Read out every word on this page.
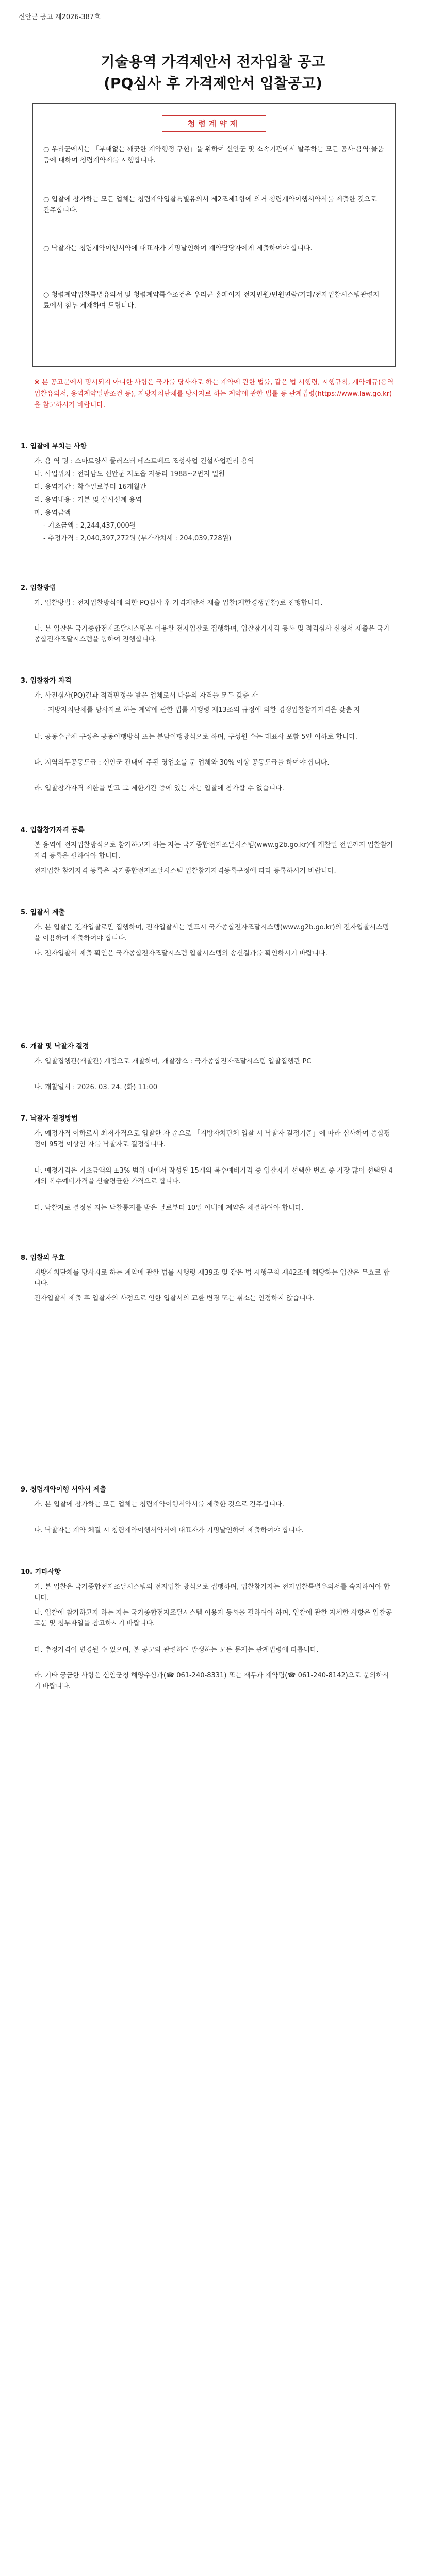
신안군 공고 제2026-387호
기술용역 가격제안서 전자입찰 공고
(PQ심사 후 가격제안서 입찰공고)
청렴계약제
○ 우리군에서는 「부패없는 깨끗한 계약행정 구현」을 위하여 신안군 및 소속기관에서 발주하는 모든 공사·용역·물품 등에 대하여 청렴계약제를 시행합니다.
○ 입찰에 참가하는 모든 업체는 청렴계약입찰특별유의서 제2조제1항에 의거 청렴계약이행서약서를 제출한 것으로 간주합니다.
○ 낙찰자는 청렴계약이행서약에 대표자가 기명날인하여 계약담당자에게 제출하여야 합니다.
○ 청렴계약입찰특별유의서 및 청렴계약특수조건은 우리군 홈페이지 전자민원/민원편람/기타/전자입찰시스템관련자료에서 첨부 게재하여 드립니다.
※ 본 공고문에서 명시되지 아니한 사항은 국가를 당사자로 하는 계약에 관한 법률, 같은 법 시행령, 시행규칙, 계약예규(용역입찰유의서, 용역계약일반조건 등), 지방자치단체를 당사자로 하는 계약에 관한 법률 등 관계법령(https://www.law.go.kr)을 참고하시기 바랍니다.
1. 입찰에 부치는 사항
가. 용 역 명 : 스마트양식 클러스터 테스트베드 조성사업 건설사업관리 용역
나. 사업위치 : 전라남도 신안군 지도읍 자동리 1988~2번지 일원
다. 용역기간 : 착수일로부터 16개월간
라. 용역내용 : 기본 및 실시설계 용역
마. 용역금액
- 기초금액 : 2,244,437,000원
- 추정가격 : 2,040,397,272원 (부가가치세 : 204,039,728원)
2. 입찰방법
가. 입찰방법 : 전자입찰방식에 의한 PQ심사 후 가격제안서 제출 입찰(제한경쟁입찰)로 진행합니다.
나. 본 입찰은 국가종합전자조달시스템을 이용한 전자입찰로 집행하며, 입찰참가자격 등록 및 적격심사 신청서 제출은 국가종합전자조달시스템을 통하여 진행합니다.
3. 입찰참가 자격
가. 사전심사(PQ)결과 적격판정을 받은 업체로서 다음의 자격을 모두 갖춘 자
- 지방자치단체를 당사자로 하는 계약에 관한 법률 시행령 제13조의 규정에 의한 경쟁입찰참가자격을 갖춘 자
나. 공동수급체 구성은 공동이행방식 또는 분담이행방식으로 하며, 구성원 수는 대표사 포함 5인 이하로 합니다.
다. 지역의무공동도급 : 신안군 관내에 주된 영업소를 둔 업체와 30% 이상 공동도급을 하여야 합니다.
라. 입찰참가자격 제한을 받고 그 제한기간 중에 있는 자는 입찰에 참가할 수 없습니다.
4. 입찰참가자격 등록
본 용역에 전자입찰방식으로 참가하고자 하는 자는 국가종합전자조달시스템(www.g2b.go.kr)에 개찰일 전일까지 입찰참가자격 등록을 필하여야 합니다.
전자입찰 참가자격 등록은 국가종합전자조달시스템 입찰참가자격등록규정에 따라 등록하시기 바랍니다.
5. 입찰서 제출
가. 본 입찰은 전자입찰로만 집행하며, 전자입찰서는 반드시 국가종합전자조달시스템(www.g2b.go.kr)의 전자입찰시스템을 이용하여 제출하여야 합니다.
나. 전자입찰서 제출 확인은 국가종합전자조달시스템 입찰시스템의 송신결과를 확인하시기 바랍니다.
6. 개찰 및 낙찰자 결정
가. 입찰집행관(개찰관) 계정으로 개찰하며, 개찰장소 : 국가종합전자조달시스템 입찰집행관 PC
나. 개찰일시 : 2026. 03. 24. (화) 11:00
7. 낙찰자 결정방법
가. 예정가격 이하로서 최저가격으로 입찰한 자 순으로 「지방자치단체 입찰 시 낙찰자 결정기준」에 따라 심사하여 종합평점이 95점 이상인 자를 낙찰자로 결정합니다.
나. 예정가격은 기초금액의 ±3% 범위 내에서 작성된 15개의 복수예비가격 중 입찰자가 선택한 번호 중 가장 많이 선택된 4개의 복수예비가격을 산술평균한 가격으로 합니다.
다. 낙찰자로 결정된 자는 낙찰통지를 받은 날로부터 10일 이내에 계약을 체결하여야 합니다.
8. 입찰의 무효
지방자치단체를 당사자로 하는 계약에 관한 법률 시행령 제39조 및 같은 법 시행규칙 제42조에 해당하는 입찰은 무효로 합니다.
전자입찰서 제출 후 입찰자의 사정으로 인한 입찰서의 교환 변경 또는 취소는 인정하지 않습니다.
9. 청렴계약이행 서약서 제출
가. 본 입찰에 참가하는 모든 업체는 청렴계약이행서약서를 제출한 것으로 간주합니다.
나. 낙찰자는 계약 체결 시 청렴계약이행서약서에 대표자가 기명날인하여 제출하여야 합니다.
10. 기타사항
가. 본 입찰은 국가종합전자조달시스템의 전자입찰 방식으로 집행하며, 입찰참가자는 전자입찰특별유의서를 숙지하여야 합니다.
나. 입찰에 참가하고자 하는 자는 국가종합전자조달시스템 이용자 등록을 필하여야 하며, 입찰에 관한 자세한 사항은 입찰공고문 및 첨부파일을 참고하시기 바랍니다.
다. 추정가격이 변경될 수 있으며, 본 공고와 관련하여 발생하는 모든 문제는 관계법령에 따릅니다.
라. 기타 궁금한 사항은 신안군청 해양수산과(☎ 061-240-8331) 또는 재무과 계약팀(☎ 061-240-8142)으로 문의하시기 바랍니다.
